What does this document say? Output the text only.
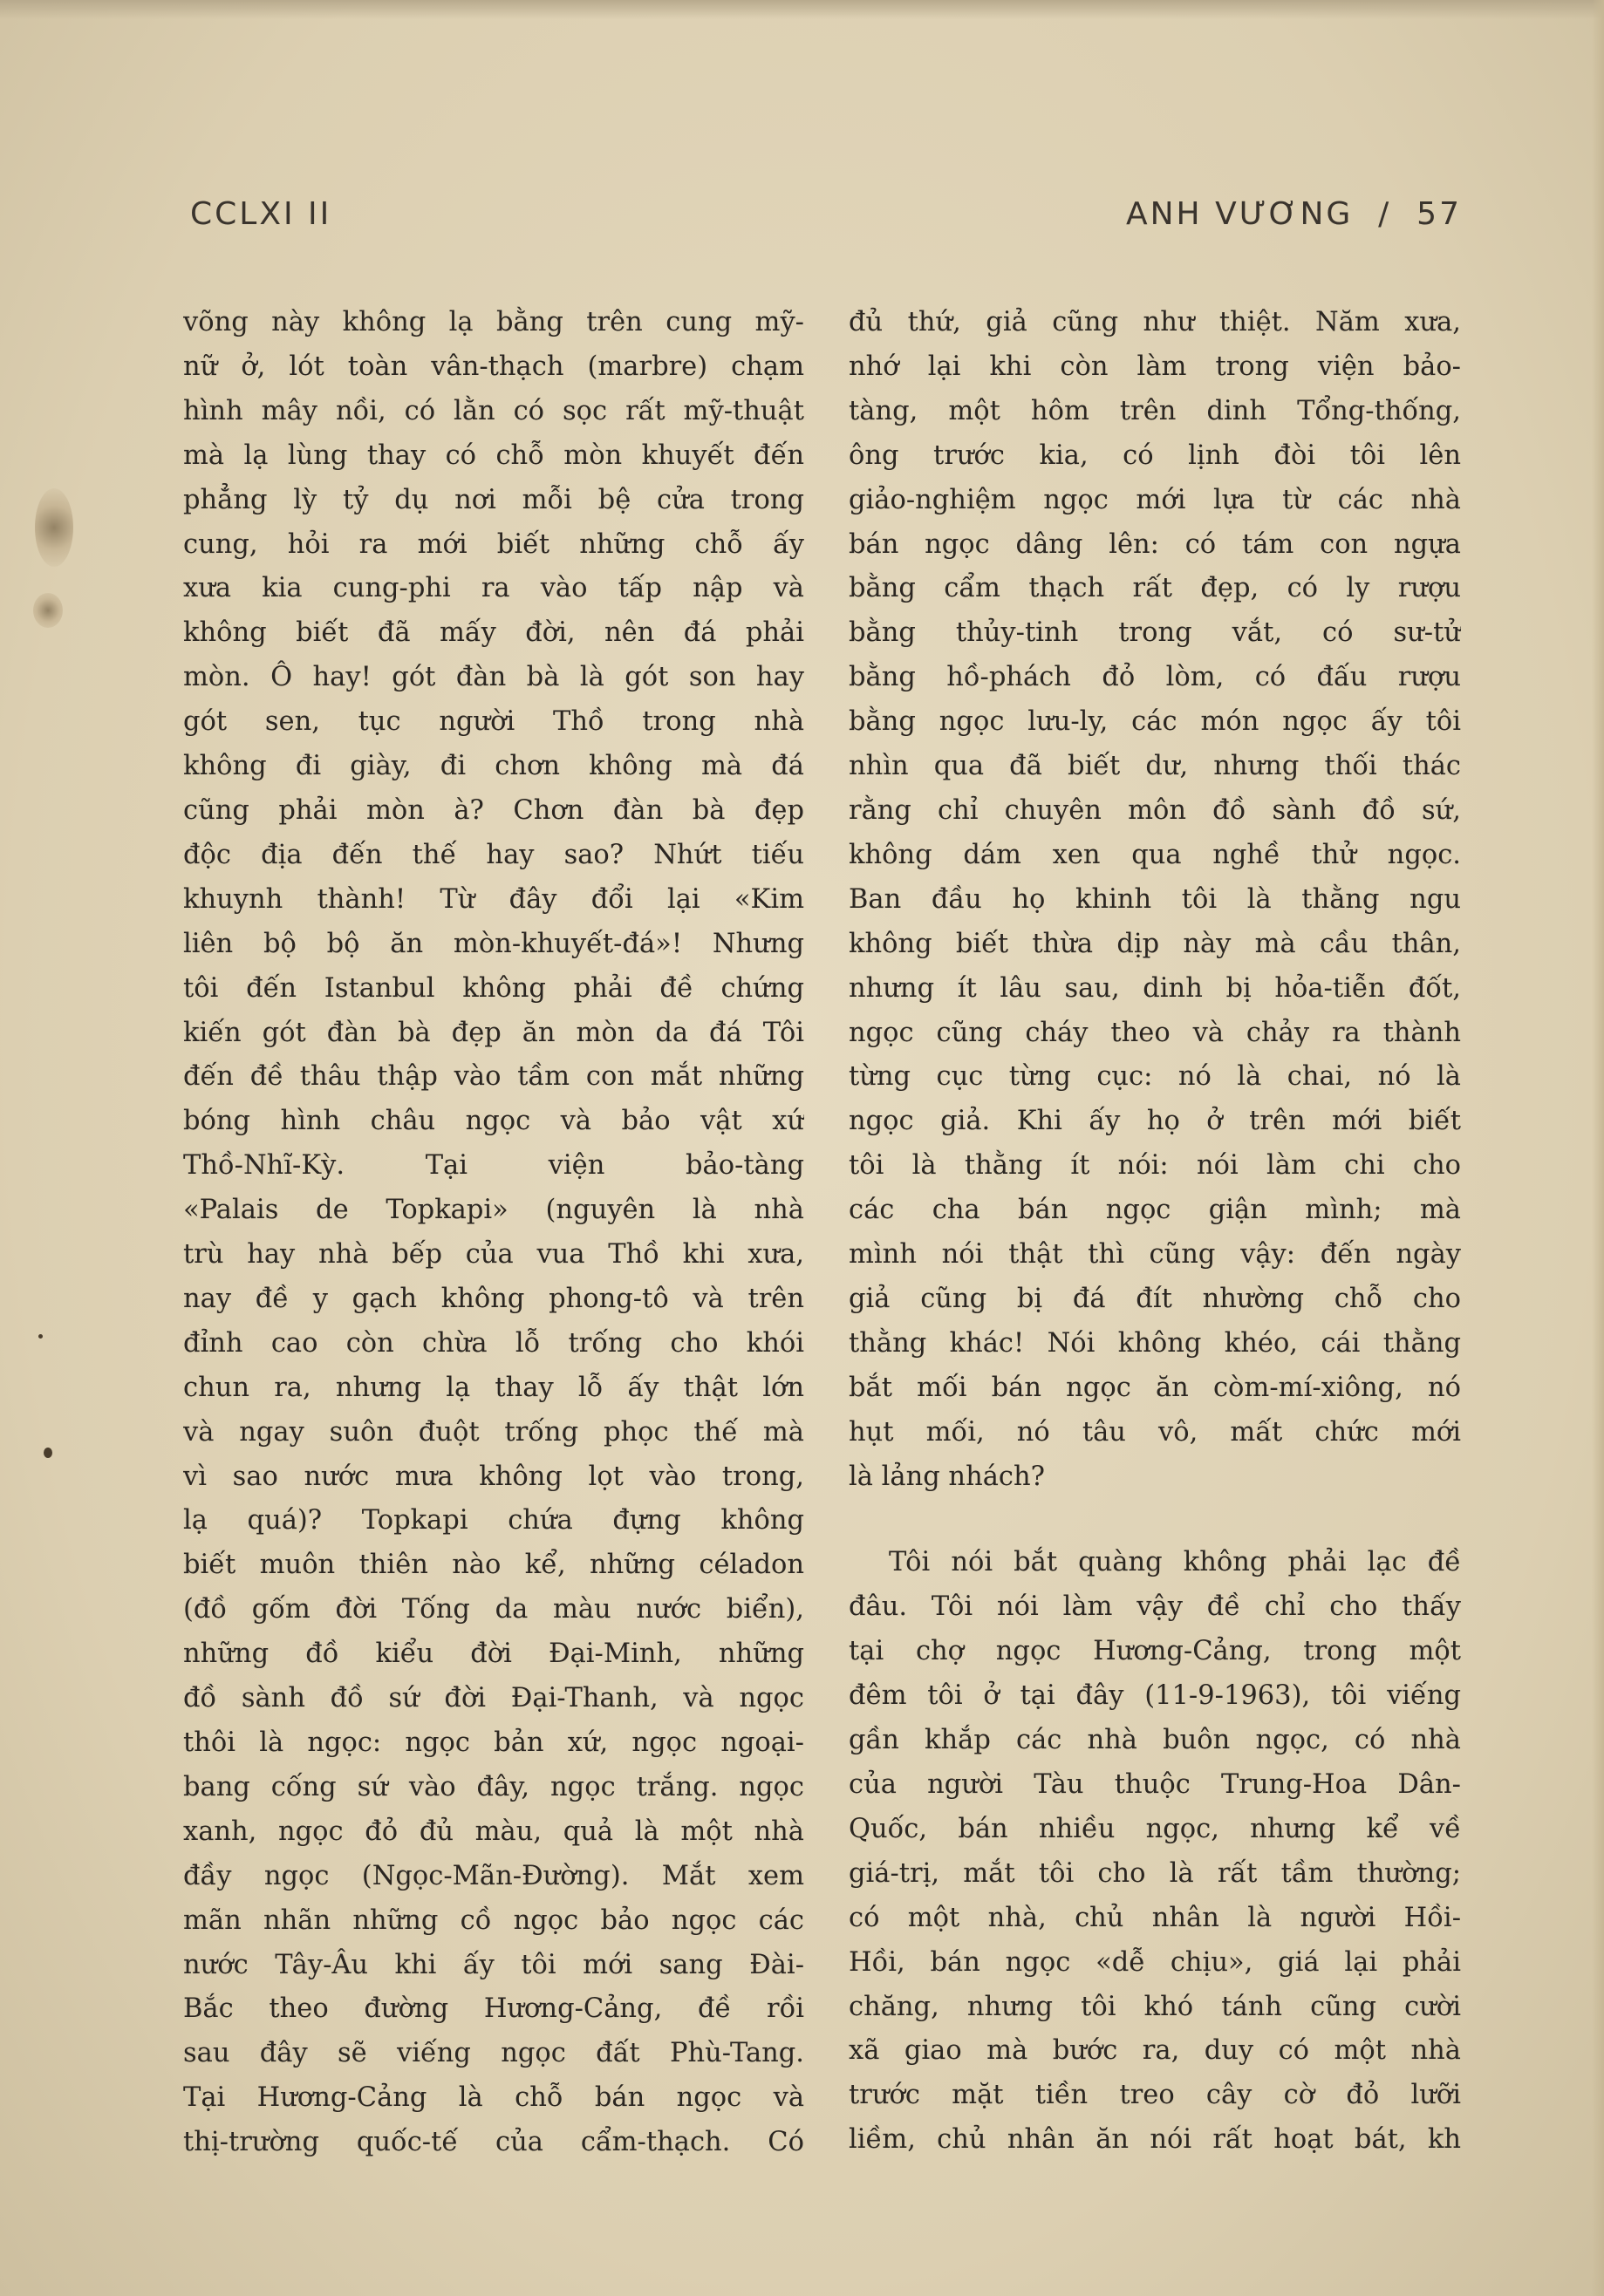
CCLXI II	ANH VƯƠNG  /  57
võng này không lạ bằng trên cung mỹ-
nữ ở, lót toàn vân-thạch (marbre) chạm
hình mây nồi, có lằn có sọc rất mỹ-thuật
mà lạ lùng thay có chỗ mòn khuyết đến
phẳng lỳ tỷ dụ nơi mỗi bệ cửa trong
cung, hỏi ra mới biết những chỗ ấy
xưa kia cung-phi ra vào tấp nập và
không biết đã mấy đời, nên đá phải
mòn. Ô hay! gót đàn bà là gót son hay
gót sen, tục người Thồ trong nhà
không đi giày, đi chơn không mà đá
cũng phải mòn à? Chơn đàn bà đẹp
độc địa đến thế hay sao? Nhứt tiếu
khuynh thành! Từ đây đổi lại «Kim
liên bộ bộ ăn mòn-khuyết-đá»! Nhưng
tôi đến Istanbul không phải đề chứng
kiến gót đàn bà đẹp ăn mòn da đá Tôi
đến đề thâu thập vào tầm con mắt những
bóng hình châu ngọc và bảo vật xứ
Thồ-Nhĩ-Kỳ. Tại viện bảo-tàng
«Palais de Topkapi» (nguyên là nhà
trù hay nhà bếp của vua Thồ khi xưa,
nay đề y gạch không phong-tô và trên
đỉnh cao còn chừa lỗ trống cho khói
chun ra, nhưng lạ thay lỗ ấy thật lớn
và ngay suôn đuột trống phọc thế mà
vì sao nước mưa không lọt vào trong,
lạ quá)? Topkapi chứa đựng không
biết muôn thiên nào kể, những céladon
(đồ gốm đời Tống da màu nước biển),
những đồ kiểu đời Đại-Minh, những
đồ sành đồ sứ đời Đại-Thanh, và ngọc
thôi là ngọc: ngọc bản xứ, ngọc ngoại-
bang cống sứ vào đây, ngọc trắng. ngọc
xanh, ngọc đỏ đủ màu, quả là một nhà
đầy ngọc (Ngọc-Mãn-Đường). Mắt xem
mãn nhãn những cồ ngọc bảo ngọc các
nước Tây-Âu khi ấy tôi mới sang Đài-
Bắc theo đường Hương-Cảng, đề rồi
sau đây sẽ viếng ngọc đất Phù-Tang.
Tại Hương-Cảng là chỗ bán ngọc và
thị-trường quốc-tế của cẩm-thạch. Có
đủ thứ, giả cũng như thiệt. Năm xưa,
nhớ lại khi còn làm trong viện bảo-
tàng, một hôm trên dinh Tổng-thống,
ông trước kia, có lịnh đòi tôi lên
giảo-nghiệm ngọc mới lựa từ các nhà
bán ngọc dâng lên: có tám con ngựa
bằng cẩm thạch rất đẹp, có ly rượu
bằng thủy-tinh trong vắt, có sư-tử
bằng hồ-phách đỏ lòm, có đấu rượu
bằng ngọc lưu-ly, các món ngọc ấy tôi
nhìn qua đã biết dư, nhưng thối thác
rằng chỉ chuyên môn đồ sành đồ sứ,
không dám xen qua nghề thử ngọc.
Ban đầu họ khinh tôi là thằng ngu
không biết thừa dịp này mà cầu thân,
nhưng ít lâu sau, dinh bị hỏa-tiễn đốt,
ngọc cũng cháy theo và chảy ra thành
từng cục từng cục: nó là chai, nó là
ngọc giả. Khi ấy họ ở trên mới biết
tôi là thằng ít nói: nói làm chi cho
các cha bán ngọc giận mình; mà
mình nói thật thì cũng vậy: đến ngày
giả cũng bị đá đít nhường chỗ cho
thằng khác! Nói không khéo, cái thằng
bắt mối bán ngọc ăn còm-mí-xiông, nó
hụt mối, nó tâu vô, mất chức mới
là lảng nhách?
Tôi nói bắt quàng không phải lạc đề
đâu. Tôi nói làm vậy đề chỉ cho thấy
tại chợ ngọc Hương-Cảng, trong một
đêm tôi ở tại đây (11-9-1963), tôi viếng
gần khắp các nhà buôn ngọc, có nhà
của người Tàu thuộc Trung-Hoa Dân-
Quốc, bán nhiều ngọc, nhưng kể về
giá-trị, mắt tôi cho là rất tầm thường;
có một nhà, chủ nhân là người Hồi-
Hồi, bán ngọc «dễ chịu», giá lại phải
chăng, nhưng tôi khó tánh cũng cười
xã giao mà bước ra, duy có một nhà
trước mặt tiền treo cây cờ đỏ lưỡi
liềm, chủ nhân ăn nói rất hoạt bát, kh
